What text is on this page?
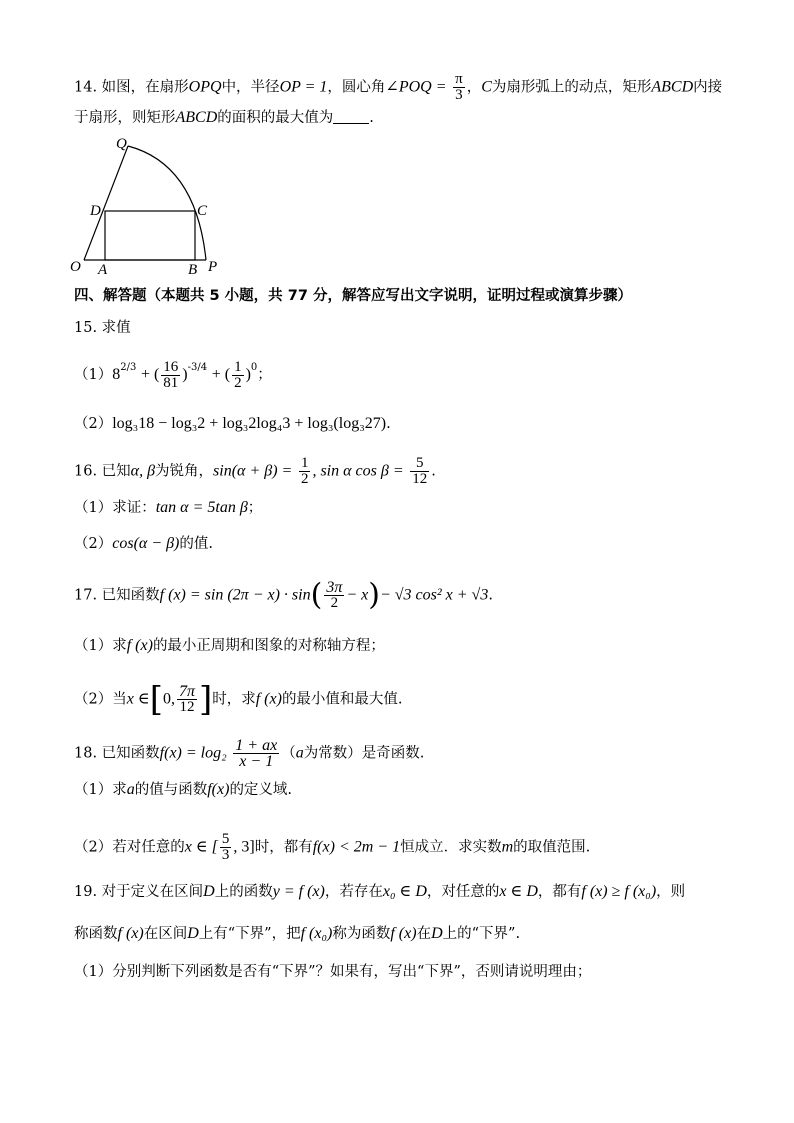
14. 如图，在扇形OPQ中，半径OP = 1，圆心角∠POQ = $\frac{\pi}{3}$ ，C为扇形弧上的动点，矩形ABCD内接
于扇形，则矩形ABCD的面积的最大值为 .
Q
D	C
O A	B P
四、解答题（本题共 5 小题，共 77 分，解答应写出文字说明，证明过程或演算步骤）
15. 求值
$(1)8^{2/3}$ + ( $\frac{16}{81} )^{-3/4}$ + ( $\frac{1}{2} )^0$；
（2）log₃18 − log₃2 + log₃2log₄3 + log₃(log₃27).
16. 已知α, β为锐角，$\sin(\alpha + \beta) = \frac{1}{2}$ , sin α $\cos \beta = \frac{5}{12}$ .
（1）求证：tan α = 5tan β；
（2）cos(α − β)的值.
17. 已知函数f $(x) = \sin (2\pi - x) \cdot \sin( \frac{3\pi}{2} - x)- √3$ cos² x + √3.
（1）求f (x)的最小正周期和图象的对称轴方程；
（2）当x ∈[0, $\frac{7\pi}{12}$ ]时，求f (x)的最小值和最大值.
18. 已知函数$f(x) = \log_2 \frac{1 + ax}{x - 1} (a$为常数）是奇函数.
（1）求a的值与函数f(x)的定义域.
（2）若对任意的x ∈ [ $\frac{5}{3}$ , 3]时，都有f(x) < 2m − 1恒成立．求实数m的取值范围.
19. 对于定义在区间D上的函数y = f (x)，若存在x₀ ∈ D，对任意的x ∈ D，都有f (x) ≥ f (x₀)，则
称函数f (x)在区间D上有“下界”，把f (x₀)称为函数f (x)在D上的“下界”.
（1）分别判断下列函数是否有“下界”？如果有，写出“下界”，否则请说明理由；
